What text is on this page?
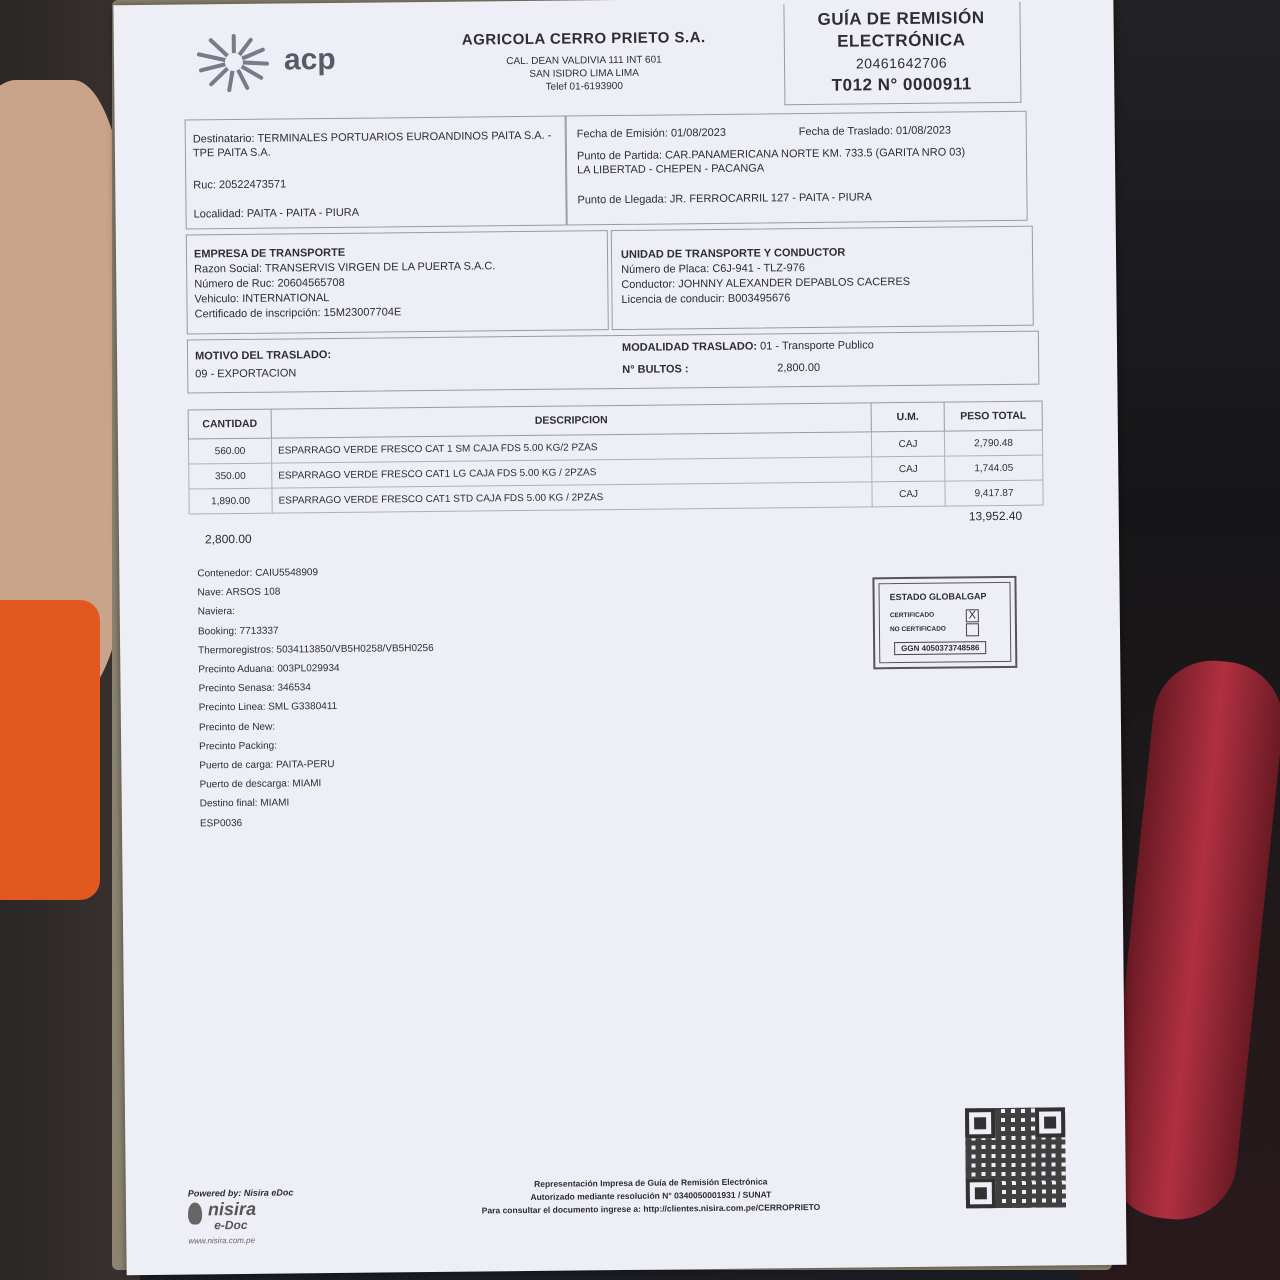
acp
AGRICOLA CERRO PRIETO S.A.
CAL. DEAN VALDIVIA 111 INT 601
SAN ISIDRO LIMA LIMA
Telef 01-6193900
GUÍA DE REMISIÓN
ELECTRÓNICA
20461642706
T012 N° 0000911
Destinatario: TERMINALES PORTUARIOS EUROANDINOS PAITA S.A. - TPE PAITA S.A.
Ruc: 20522473571
Localidad: PAITA - PAITA - PIURA
Fecha de Emisión: 01/08/2023	Fecha de Traslado: 01/08/2023
Punto de Partida: CAR.PANAMERICANA NORTE KM. 733.5 (GARITA NRO 03)
LA LIBERTAD - CHEPEN - PACANGA
Punto de Llegada: JR. FERROCARRIL 127 - PAITA - PIURA
EMPRESA DE TRANSPORTE
Razon Social: TRANSERVIS VIRGEN DE LA PUERTA S.A.C.
Número de Ruc: 20604565708
Vehiculo: INTERNATIONAL
Certificado de inscripción: 15M23007704E
UNIDAD DE TRANSPORTE Y CONDUCTOR
Número de Placa: C6J-941 - TLZ-976
Conductor: JOHNNY ALEXANDER DEPABLOS CACERES
Licencia de conducir: B003495676
MOTIVO DEL TRASLADO:
09 - EXPORTACION
MODALIDAD TRASLADO: 01 - Transporte Publico
N° BULTOS :	2,800.00
CANTIDAD	DESCRIPCION	U.M.	PESO TOTAL
560.00	ESPARRAGO VERDE FRESCO CAT 1 SM CAJA FDS 5.00 KG/2 PZAS	CAJ	2,790.48
350.00	ESPARRAGO VERDE FRESCO CAT1 LG CAJA FDS 5.00 KG / 2PZAS	CAJ	1,744.05
1,890.00	ESPARRAGO VERDE FRESCO CAT1 STD CAJA FDS 5.00 KG / 2PZAS	CAJ	9,417.87
2,800.00
13,952.40
Contenedor: CAIU5548909
Nave: ARSOS 108
Naviera:
Booking: 7713337
Thermoregistros: 5034113850/VB5H0258/VB5H0256
Precinto Aduana: 003PL029934
Precinto Senasa: 346534
Precinto Linea: SML G3380411
Precinto de New:
Precinto Packing:
Puerto de carga: PAITA-PERU
Puerto de descarga: MIAMI
Destino final: MIAMI
ESP0036
ESTADO GLOBALGAP
CERTIFICADO	X
NO CERTIFICADO
GGN 4050373748586
Representación Impresa de Guía de Remisión Electrónica
Autorizado mediante resolución N° 0340050001931 / SUNAT
Para consultar el documento ingrese a: http://clientes.nisira.com.pe/CERROPRIETO
Powered by: Nisira eDoc
nisira
e-Doc
www.nisira.com.pe
